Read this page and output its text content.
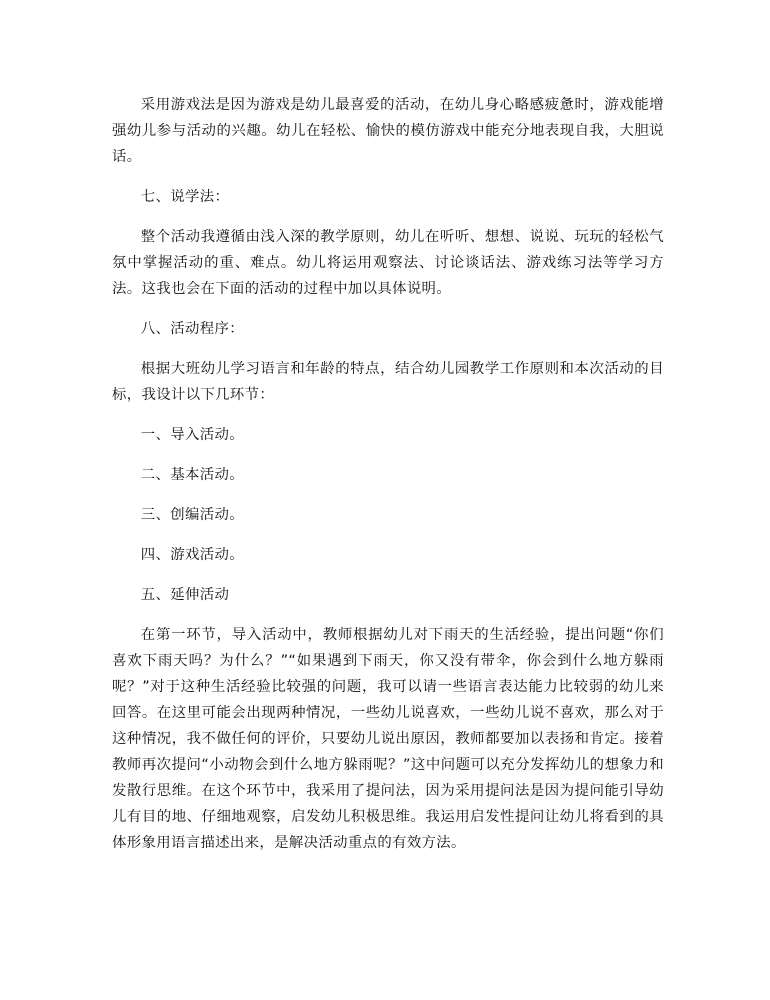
采用游戏法是因为游戏是幼儿最喜爱的活动，在幼儿身心略感疲惫时，游戏能增强幼儿参与活动的兴趣。幼儿在轻松、愉快的模仿游戏中能充分地表现自我，大胆说话。

七、说学法：

整个活动我遵循由浅入深的教学原则，幼儿在听听、想想、说说、玩玩的轻松气氛中掌握活动的重、难点。幼儿将运用观察法、讨论谈话法、游戏练习法等学习方法。这我也会在下面的活动的过程中加以具体说明。

八、活动程序：

根据大班幼儿学习语言和年龄的特点，结合幼儿园教学工作原则和本次活动的目标，我设计以下几环节：

一、导入活动。

二、基本活动。

三、创编活动。

四、游戏活动。

五、延伸活动

在第一环节，导入活动中，教师根据幼儿对下雨天的生活经验，提出问题“你们喜欢下雨天吗？为什么？”“如果遇到下雨天，你又没有带伞，你会到什么地方躲雨呢？”对于这种生活经验比较强的问题，我可以请一些语言表达能力比较弱的幼儿来回答。在这里可能会出现两种情况，一些幼儿说喜欢，一些幼儿说不喜欢，那么对于这种情况，我不做任何的评价，只要幼儿说出原因，教师都要加以表扬和肯定。接着教师再次提问“小动物会到什么地方躲雨呢？”这中问题可以充分发挥幼儿的想象力和发散行思维。在这个环节中，我采用了提问法，因为采用提问法是因为提问能引导幼儿有目的地、仔细地观察，启发幼儿积极思维。我运用启发性提问让幼儿将看到的具体形象用语言描述出来，是解决活动重点的有效方法。
